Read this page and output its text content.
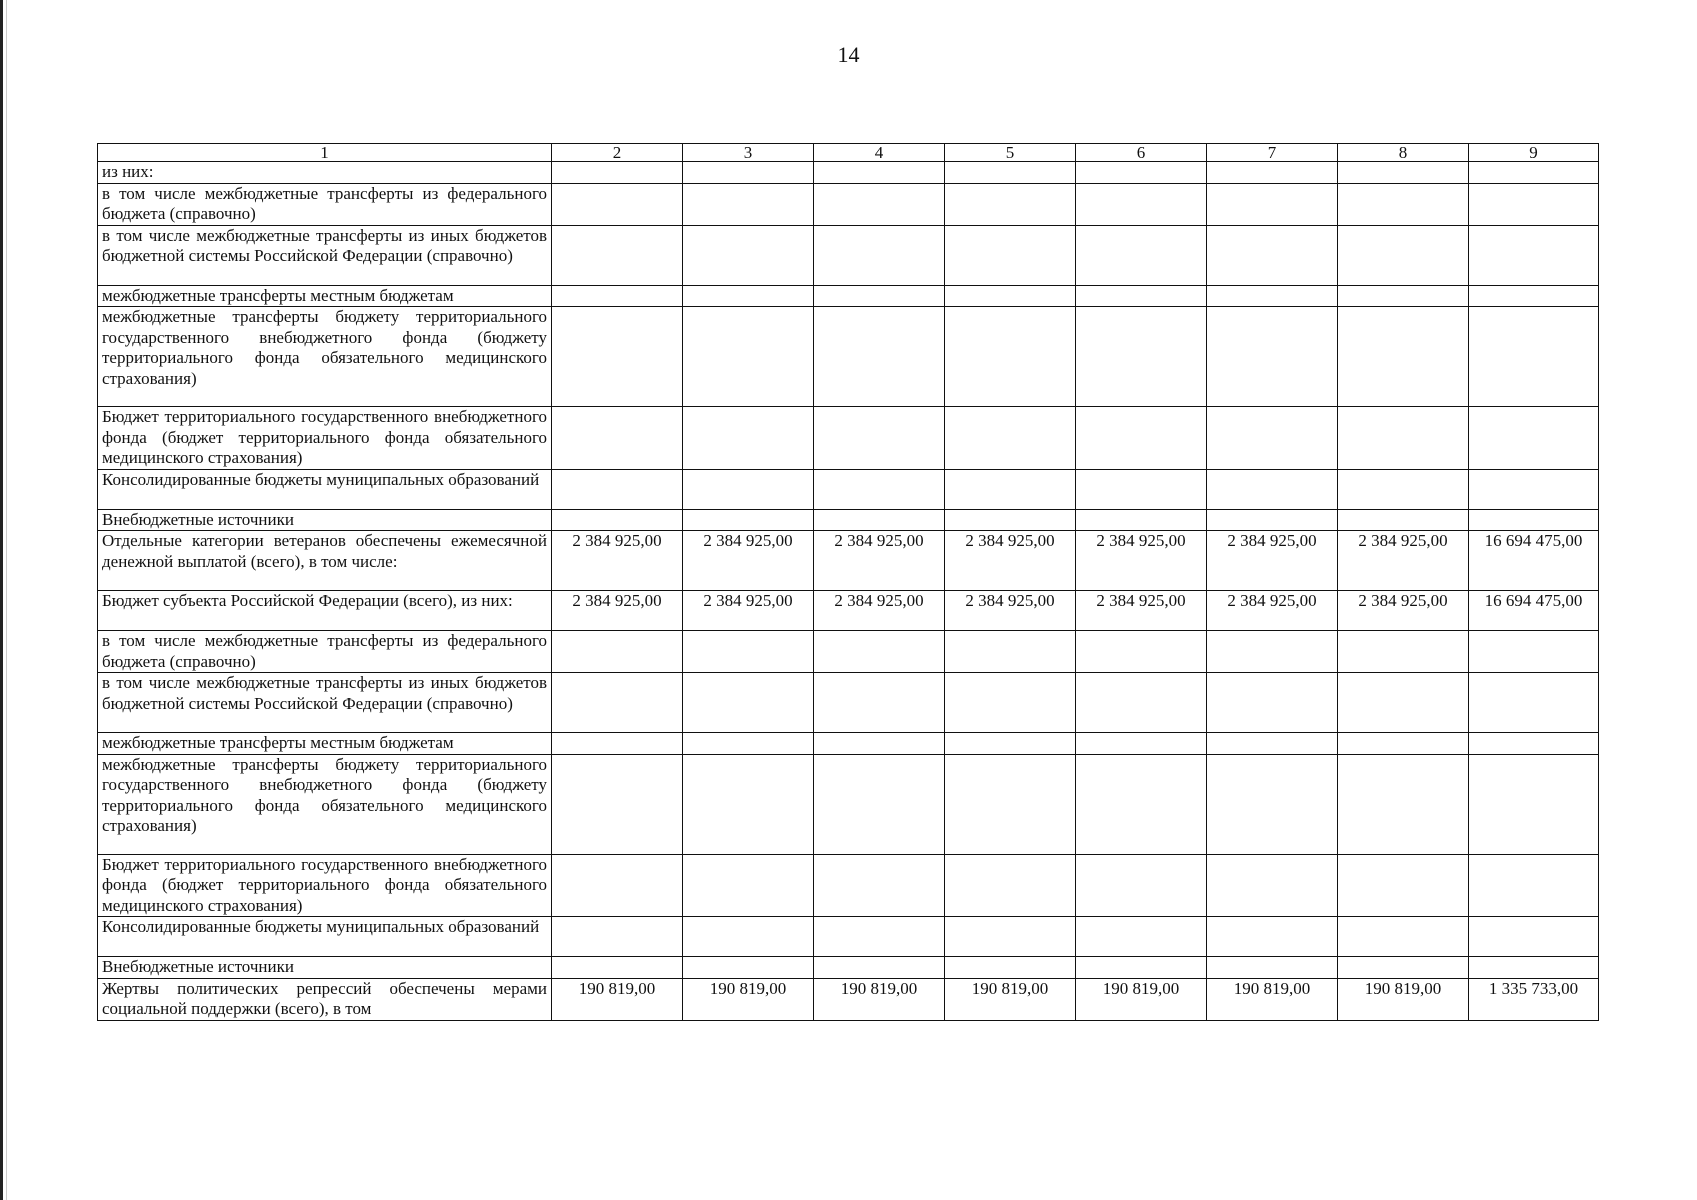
14
1	2	3	4	5	6	7	8	9
из них:								
в том числе межбюджетные трансферты из федерального бюджета (справочно)								
в том числе межбюджетные трансферты из иных бюджетов бюджетной системы Российской Федерации (справочно)								
межбюджетные трансферты местным бюджетам								
межбюджетные трансферты бюджету территориального государственного внебюджетного фонда (бюджету территориального фонда обязательного медицинского страхования)								
Бюджет территориального государственного внебюджетного фонда (бюджет территориального фонда обязательного медицинского страхования)								
Консолидированные бюджеты муниципальных образований								
Внебюджетные источники								
Отдельные категории ветеранов обеспечены ежемесячной денежной выплатой (всего), в том числе:	2 384 925,00	2 384 925,00	2 384 925,00	2 384 925,00	2 384 925,00	2 384 925,00	2 384 925,00	16 694 475,00
Бюджет субъекта Российской Федерации (всего), из них:	2 384 925,00	2 384 925,00	2 384 925,00	2 384 925,00	2 384 925,00	2 384 925,00	2 384 925,00	16 694 475,00
в том числе межбюджетные трансферты из федерального бюджета (справочно)								
в том числе межбюджетные трансферты из иных бюджетов бюджетной системы Российской Федерации (справочно)								
межбюджетные трансферты местным бюджетам								
межбюджетные трансферты бюджету территориального государственного внебюджетного фонда (бюджету территориального фонда обязательного медицинского страхования)								
Бюджет территориального государственного внебюджетного фонда (бюджет территориального фонда обязательного медицинского страхования)								
Консолидированные бюджеты муниципальных образований								
Внебюджетные источники								
Жертвы политических репрессий обеспечены мерами социальной поддержки (всего), в том	190 819,00	190 819,00	190 819,00	190 819,00	190 819,00	190 819,00	190 819,00	1 335 733,00
